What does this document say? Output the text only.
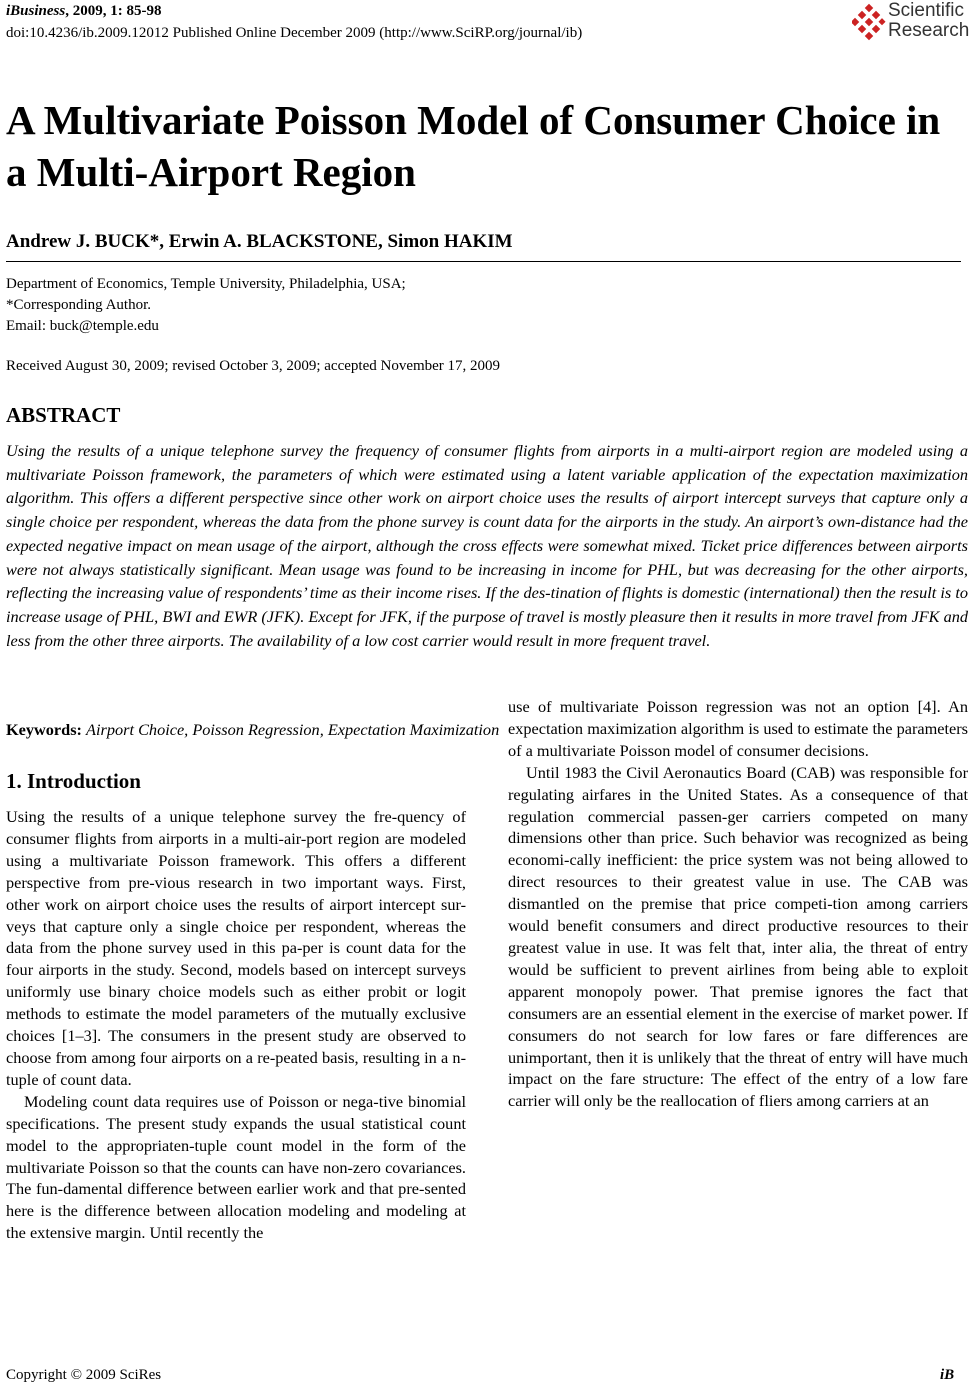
iBusiness, 2009, 1: 85-98
doi:10.4236/ib.2009.12012 Published Online December 2009 (http://www.SciRP.org/journal/ib)
Scientific
Research
A Multivariate Poisson Model of Consumer Choice in a Multi-Airport Region
Andrew J. BUCK*, Erwin A. BLACKSTONE, Simon HAKIM
Department of Economics, Temple University, Philadelphia, USA;
*Corresponding Author.
Email: buck@temple.edu
Received August 30, 2009; revised October 3, 2009; accepted November 17, 2009
ABSTRACT
Using the results of a unique telephone survey the frequency of consumer flights from airports in a multi-airport region are modeled using a multivariate Poisson framework, the parameters of which were estimated using a latent variable application of the expectation maximization algorithm. This offers a different perspective since other work on airport choice uses the results of airport intercept surveys that capture only a single choice per respondent, whereas the data from the phone survey is count data for the airports in the study. An airport’s own-distance had the expected negative impact on mean usage of the airport, although the cross effects were somewhat mixed. Ticket price differences between airports were not always statistically significant. Mean usage was found to be increasing in income for PHL, but was decreasing for the other airports, reflecting the increasing value of respondents’ time as their income rises. If the des-tination of flights is domestic (international) then the result is to increase usage of PHL, BWI and EWR (JFK). Except for JFK, if the purpose of travel is mostly pleasure then it results in more travel from JFK and less from the other three airports. The availability of a low cost carrier would result in more frequent travel.
Keywords: Airport Choice, Poisson Regression, Expectation Maximization
1. Introduction

Using the results of a unique telephone survey the fre-quency of consumer flights from airports in a multi-air-port region are modeled using a multivariate Poisson framework. This offers a different perspective from pre-vious research in two important ways. First, other work on airport choice uses the results of airport intercept sur-veys that capture only a single choice per respondent, whereas the data from the phone survey used in this pa-per is count data for the four airports in the study. Second, models based on intercept surveys uniformly use binary choice models such as either probit or logit methods to estimate the model parameters of the mutually exclusive choices [1–3]. The consumers in the present study are observed to choose from among four airports on a re-peated basis, resulting in a n-tuple of count data.

Modeling count data requires use of Poisson or nega-tive binomial specifications. The present study expands the usual statistical count model to the appropriaten-tuple count model in the form of the multivariate Poisson so that the counts can have non-zero covariances. The fun-damental difference between earlier work and that pre-sented here is the difference between allocation modeling and modeling at the extensive margin. Until recently the

use of multivariate Poisson regression was not an option [4]. An expectation maximization algorithm is used to estimate the parameters of a multivariate Poisson model of consumer decisions.

Until 1983 the Civil Aeronautics Board (CAB) was responsible for regulating airfares in the United States. As a consequence of that regulation commercial passen-ger carriers competed on many dimensions other than price. Such behavior was recognized as being economi-cally inefficient: the price system was not being allowed to direct resources to their greatest value in use. The CAB was dismantled on the premise that price competi-tion among carriers would benefit consumers and direct productive resources to their greatest value in use. It was felt that, inter alia, the threat of entry would be sufficient to prevent airlines from being able to exploit apparent monopoly power. That premise ignores the fact that consumers are an essential element in the exercise of market power. If consumers do not search for low fares or fare differences are unimportant, then it is unlikely that the threat of entry will have much impact on the fare structure: The effect of the entry of a low fare carrier will only be the reallocation of fliers among carriers at an

Copyright © 2009 SciRes	iB
